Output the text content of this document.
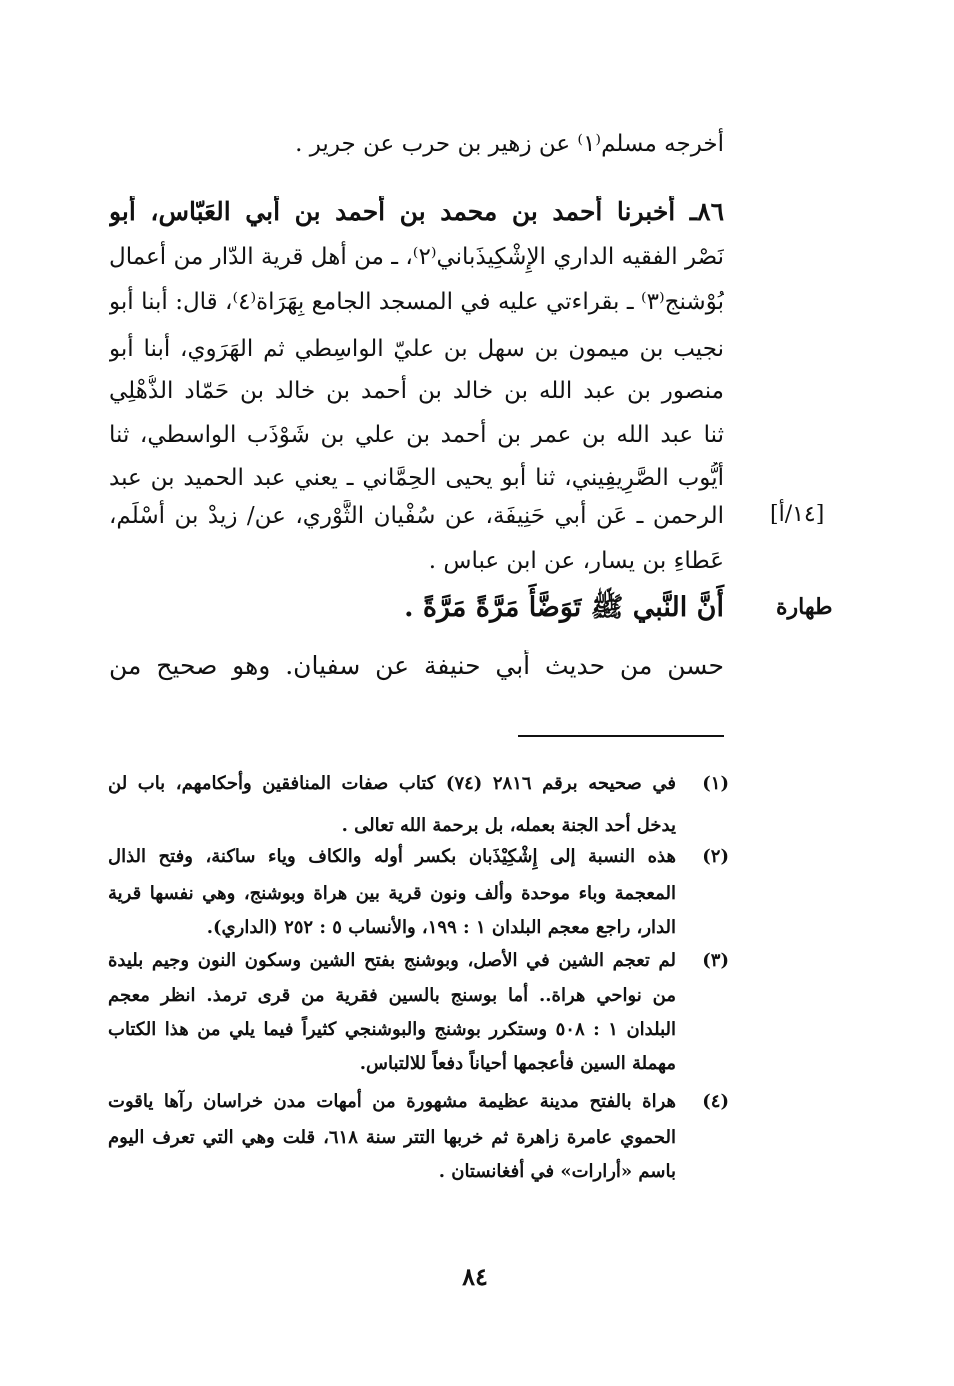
أخرجه مسلم⁽١⁾ عن زهير بن حرب عن جرير .
٨٦ـ أخبرنا أحمد بن محمد بن أحمد بن أبي العَبّاس، أبو
نَصْر الفقيه الداري الإِشْكِيذَباني⁽٢⁾، ـ من أهل قرية الدّار من أعمال
بُوْشنج⁽٣⁾ ـ بقراءتي عليه في المسجد الجامع بِهَرَاة⁽٤⁾، قال: أبنا أبو
نجيب بن ميمون بن سهل بن عليّ الواسِطي ثم الهَرَوي، أبنا أبو
منصور بن عبد الله بن خالد بن أحمد بن خالد بن حَمّاد الذُّهْلِي
ثنا عبد الله بن عمر بن أحمد بن علي بن شَوْذَب الواسطي، ثنا
أَيُّوب الصَّرِيفِيني، ثنا أبو يحيى الحِمَّاني ـ يعني عبد الحميد بن عبد
الرحمن ـ عَن أبي حَنِيفَة، عن سُفْيان الثَّوْري، عن/ زيدْ بن أَسْلَم،
عَطاءِ بن يسار، عن ابن عباس .
أَنَّ النَّبي ﷺ تَوَضَّأَ مَرَّةً مَرَّةً .
حسن من حديث أبي حنيفة عن سفيان. وهو صحيح من
[١٤/أ]
طهارة
(١)
في صحيحه برقم ٢٨١٦ (٧٤) كتاب صفات المنافقين وأحكامهم، باب لن
يدخل أحد الجنة بعمله، بل برحمة الله تعالى .
(٢)
هذه النسبة إلى إِشْكِيْذَبان بكسر أوله والكاف وياء ساكنة، وفتح الذال
المعجمة وباء موحدة وألف ونون قرية بين هراة وبوشنج، وهي نفسها قرية
الدار، راجع معجم البلدان ١ : ١٩٩، والأنساب ٥ : ٢٥٢ (الداري).
(٣)
لم تعجم الشين في الأصل، وبوشنج بفتح الشين وسكون النون وجيم بليدة
من نواحي هراة.. أما بوسنج بالسين فقرية من قرى ترمذ. انظر معجم
البلدان ١ : ٥٠٨ وستكرر بوشنج والبوشنجي كثيراً فيما يلي من هذا الكتاب
مهملة السين فأعجمها أحياناً دفعاً للالتباس.
(٤)
هراة بالفتح مدينة عظيمة مشهورة من أمهات مدن خراسان رآها ياقوت
الحموي عامرة زاهرة ثم خربها التتر سنة ٦١٨، قلت وهي التي تعرف اليوم
باسم «أرارات» في أفغانستان .
٨٤
